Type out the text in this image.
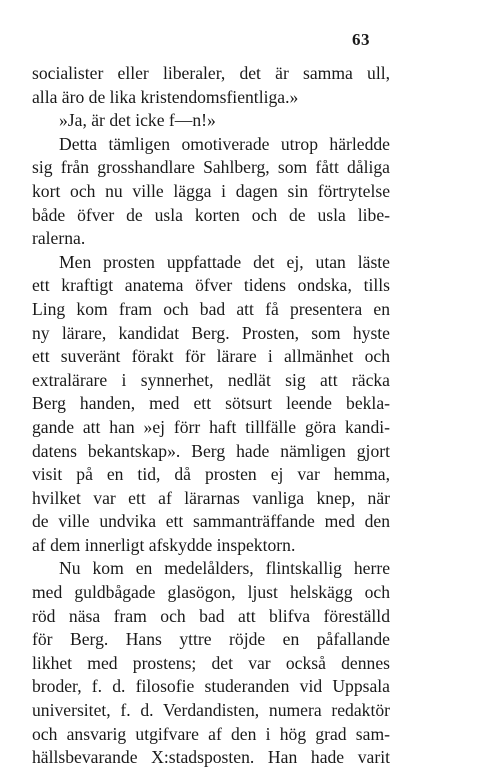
63
socialister eller liberaler, det är samma ull,
alla äro de lika kristendomsfientliga.»
»Ja, är det icke f—n!»
Detta tämligen omotiverade utrop härledde
sig från grosshandlare Sahlberg, som fått dåliga
kort och nu ville lägga i dagen sin förtrytelse
både öfver de usla korten och de usla libe-
ralerna.
Men prosten uppfattade det ej, utan läste
ett kraftigt anatema öfver tidens ondska, tills
Ling kom fram och bad att få presentera en
ny lärare, kandidat Berg. Prosten, som hyste
ett suveränt förakt för lärare i allmänhet och
extralärare i synnerhet, nedlät sig att räcka
Berg handen, med ett sötsurt leende bekla-
gande att han »ej förr haft tillfälle göra kandi-
datens bekantskap». Berg hade nämligen gjort
visit på en tid, då prosten ej var hemma,
hvilket var ett af lärarnas vanliga knep, när
de ville undvika ett sammanträffande med den
af dem innerligt afskydde inspektorn.
Nu kom en medelålders, flintskallig herre
med guldbågade glasögon, ljust helskägg och
röd näsa fram och bad att blifva föreställd
för Berg. Hans yttre röjde en påfallande
likhet med prostens; det var också dennes
broder, f. d. filosofie studeranden vid Uppsala
universitet, f. d. Verdandisten, numera redaktör
och ansvarig utgifvare af den i hög grad sam-
hällsbevarande X:stadsposten. Han hade varit
